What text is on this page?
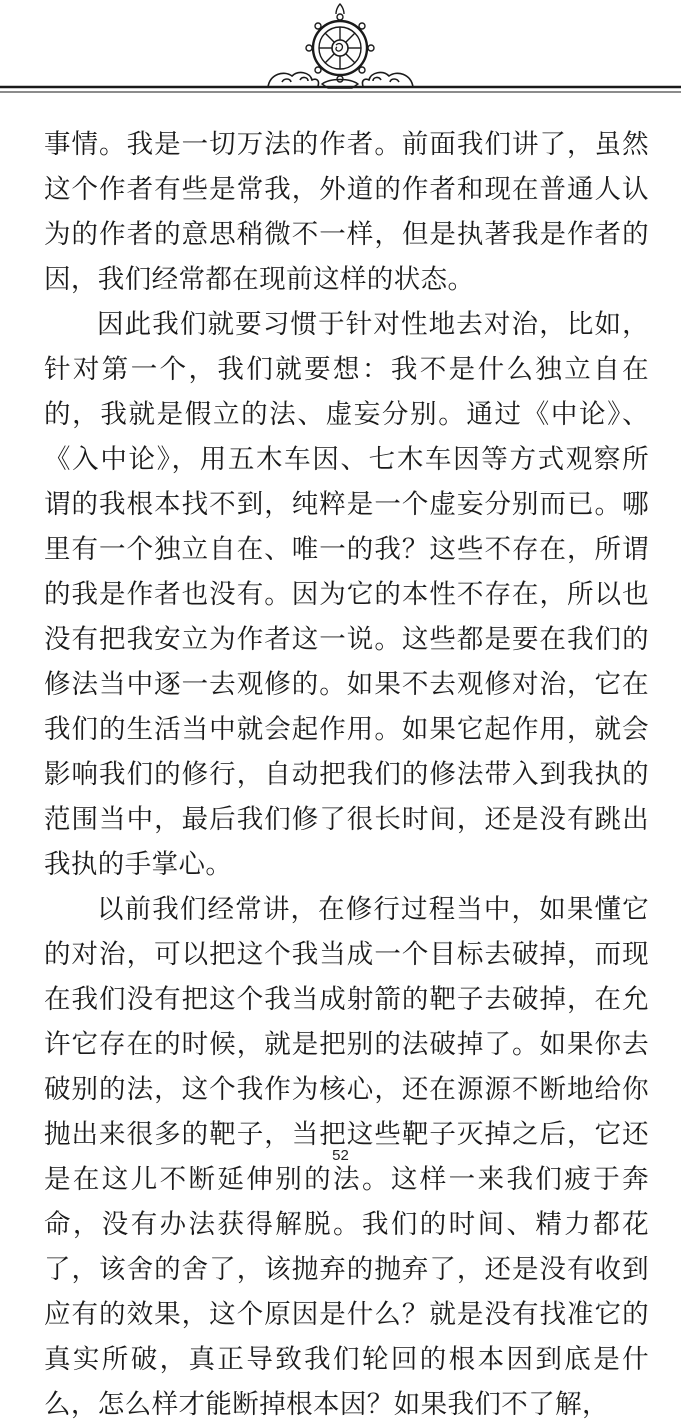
事情。我是一切万法的作者。前面我们讲了，虽然这个作者有些是常我，外道的作者和现在普通人认为的作者的意思稍微不一样，但是执著我是作者的因，我们经常都在现前这样的状态。

因此我们就要习惯于针对性地去对治，比如，针对第一个，我们就要想：我不是什么独立自在的，我就是假立的法、虚妄分别。通过《中论》、《入中论》，用五木车因、七木车因等方式观察所谓的我根本找不到，纯粹是一个虚妄分别而已。哪里有一个独立自在、唯一的我？这些不存在，所谓的我是作者也没有。因为它的本性不存在，所以也没有把我安立为作者这一说。这些都是要在我们的修法当中逐一去观修的。如果不去观修对治，它在我们的生活当中就会起作用。如果它起作用，就会影响我们的修行，自动把我们的修法带入到我执的范围当中，最后我们修了很长时间，还是没有跳出我执的手掌心。

以前我们经常讲，在修行过程当中，如果懂它的对治，可以把这个我当成一个目标去破掉，而现在我们没有把这个我当成射箭的靶子去破掉，在允许它存在的时候，就是把别的法破掉了。如果你去破别的法，这个我作为核心，还在源源不断地给你抛出来很多的靶子，当把这些靶子灭掉之后，它还是在这儿不断延伸别的法。这样一来我们疲于奔命，没有办法获得解脱。我们的时间、精力都花了，该舍的舍了，该抛弃的抛弃了，还是没有收到应有的效果，这个原因是什么？就是没有找准它的真实所破，真正导致我们轮回的根本因到底是什么，怎么样才能断掉根本因？如果我们不了解，

52
